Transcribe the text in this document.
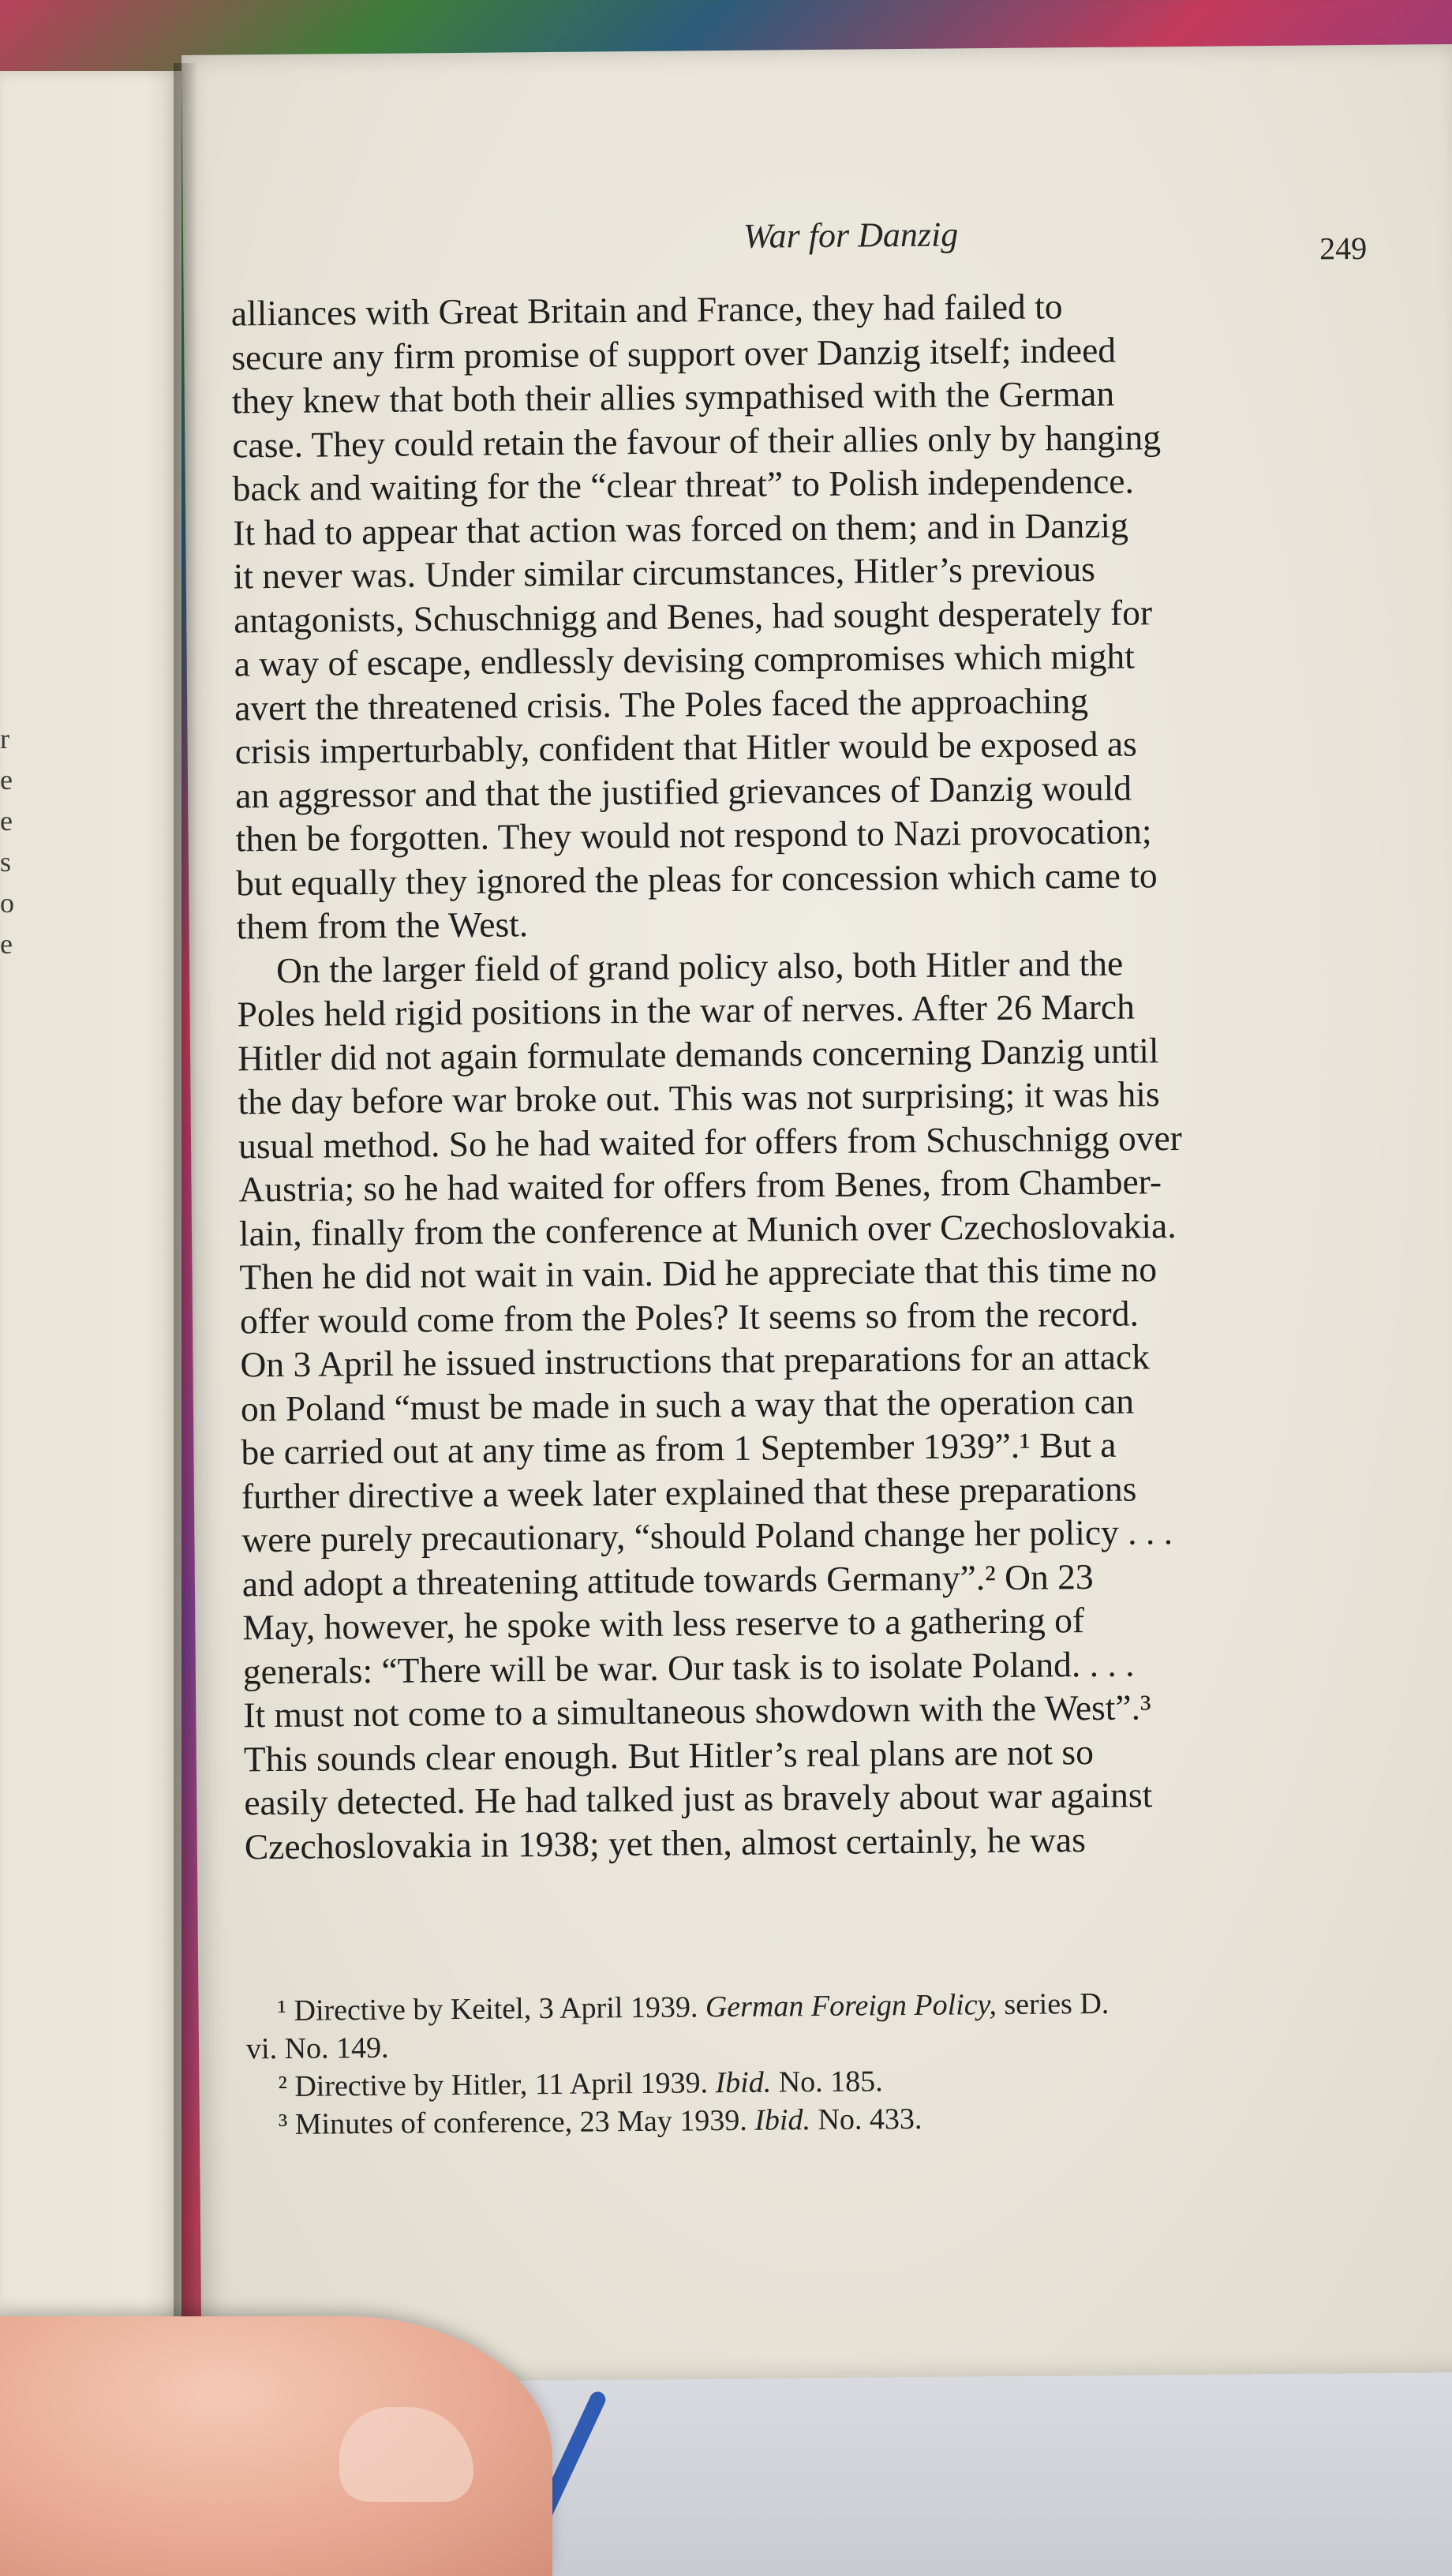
r
e
e
s
o
e
War for Danzig	249
alliances with Great Britain and France, they had failed to
secure any firm promise of support over Danzig itself; indeed
they knew that both their allies sympathised with the German
case. They could retain the favour of their allies only by hanging
back and waiting for the “clear threat” to Polish independence.
It had to appear that action was forced on them; and in Danzig
it never was. Under similar circumstances, Hitler’s previous
antagonists, Schuschnigg and Benes, had sought desperately for
a way of escape, endlessly devising compromises which might
avert the threatened crisis. The Poles faced the approaching
crisis imperturbably, confident that Hitler would be exposed as
an aggressor and that the justified grievances of Danzig would
then be forgotten. They would not respond to Nazi provocation;
but equally they ignored the pleas for concession which came to
them from the West.
On the larger field of grand policy also, both Hitler and the
Poles held rigid positions in the war of nerves. After 26 March
Hitler did not again formulate demands concerning Danzig until
the day before war broke out. This was not surprising; it was his
usual method. So he had waited for offers from Schuschnigg over
Austria; so he had waited for offers from Benes, from Chamber-
lain, finally from the conference at Munich over Czechoslovakia.
Then he did not wait in vain. Did he appreciate that this time no
offer would come from the Poles? It seems so from the record.
On 3 April he issued instructions that preparations for an attack
on Poland “must be made in such a way that the operation can
be carried out at any time as from 1 September 1939”.¹ But a
further directive a week later explained that these preparations
were purely precautionary, “should Poland change her policy . . .
and adopt a threatening attitude towards Germany”.² On 23
May, however, he spoke with less reserve to a gathering of
generals: “There will be war. Our task is to isolate Poland. . . .
It must not come to a simultaneous showdown with the West”.³
This sounds clear enough. But Hitler’s real plans are not so
easily detected. He had talked just as bravely about war against
Czechoslovakia in 1938; yet then, almost certainly, he was
¹ Directive by Keitel, 3 April 1939. German Foreign Policy, series D.
vi. No. 149.
² Directive by Hitler, 11 April 1939. Ibid. No. 185.
³ Minutes of conference, 23 May 1939. Ibid. No. 433.
